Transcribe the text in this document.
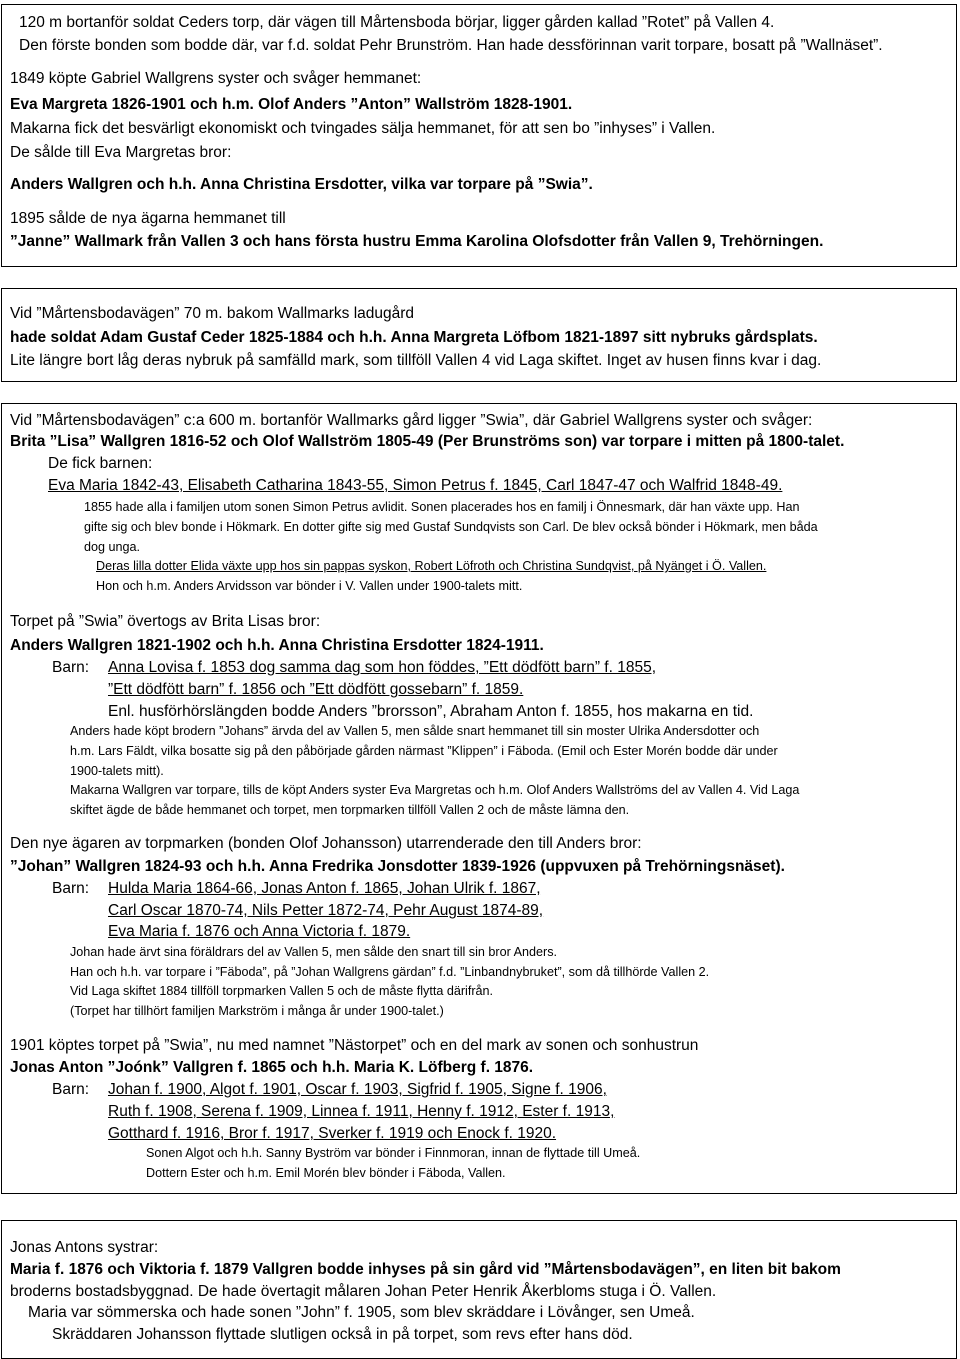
120 m bortanför soldat Ceders torp, där vägen till Mårtensboda börjar, ligger gården kallad ”Rotet” på Vallen 4.
Den förste bonden som bodde där, var f.d. soldat Pehr Brunström. Han hade dessförinnan varit torpare, bosatt på ”Wallnäset”.
1849 köpte Gabriel Wallgrens syster och svåger hemmanet:
Eva Margreta 1826-1901 och h.m. Olof Anders ”Anton” Wallström 1828-1901.
Makarna fick det besvärligt ekonomiskt och tvingades sälja hemmanet, för att sen bo ”inhyses” i Vallen.
De sålde till Eva Margretas bror:
Anders Wallgren och h.h. Anna Christina Ersdotter, vilka var torpare på ”Swia”.
1895 sålde de nya ägarna hemmanet till
”Janne” Wallmark från Vallen 3 och hans första hustru Emma Karolina Olofsdotter från Vallen 9, Trehörningen.
Vid ”Mårtensbodavägen” 70 m. bakom Wallmarks ladugård
hade soldat Adam Gustaf Ceder 1825-1884 och h.h. Anna Margreta Löfbom 1821-1897 sitt nybruks gårdsplats.
Lite längre bort låg deras nybruk på samfälld mark, som tillföll Vallen 4 vid Laga skiftet. Inget av husen finns kvar i dag.
Vid ”Mårtensbodavägen” c:a 600 m. bortanför Wallmarks gård ligger ”Swia”, där Gabriel Wallgrens syster och svåger:
Brita ”Lisa” Wallgren 1816-52 och Olof Wallström 1805-49 (Per Brunströms son) var torpare i mitten på 1800-talet.
De fick barnen:
Eva Maria 1842-43, Elisabeth Catharina 1843-55, Simon Petrus f. 1845, Carl 1847-47 och Walfrid 1848-49.
1855 hade alla i familjen utom sonen Simon Petrus avlidit. Sonen placerades hos en familj i Önnesmark, där han växte upp. Han
gifte sig och blev bonde i Hökmark. En dotter gifte sig med Gustaf Sundqvists son Carl. De blev också bönder i Hökmark, men båda
dog unga.
Deras lilla dotter Elida växte upp hos sin pappas syskon, Robert Löfroth och Christina Sundqvist, på Nyänget i Ö. Vallen.
Hon och h.m. Anders Arvidsson var bönder i V. Vallen under 1900-talets mitt.
Torpet på ”Swia” övertogs av Brita Lisas bror:
Anders Wallgren 1821-1902 och h.h. Anna Christina Ersdotter 1824-1911.
Barn: Anna Lovisa f. 1853 dog samma dag som hon föddes, ”Ett dödfött barn” f. 1855,
”Ett dödfött barn” f. 1856 och ”Ett dödfött gossebarn” f. 1859.
Enl. husförhörslängden bodde Anders ”brorsson”, Abraham Anton f. 1855, hos makarna en tid.
Anders hade köpt brodern ”Johans” ärvda del av Vallen 5, men sålde snart hemmanet till sin moster Ulrika Andersdotter och
h.m. Lars Fäldt, vilka bosatte sig på den påbörjade gården närmast ”Klippen” i Fäboda. (Emil och Ester Morén bodde där under
1900-talets mitt).
Makarna Wallgren var torpare, tills de köpt Anders syster Eva Margretas och h.m. Olof Anders Wallströms del av Vallen 4. Vid Laga
skiftet ägde de både hemmanet och torpet, men torpmarken tillföll Vallen 2 och de måste lämna den.
Den nye ägaren av torpmarken (bonden Olof Johansson) utarrenderade den till Anders bror:
”Johan” Wallgren 1824-93 och h.h. Anna Fredrika Jonsdotter 1839-1926 (uppvuxen på Trehörningsnäset).
Barn: Hulda Maria 1864-66, Jonas Anton f. 1865, Johan Ulrik f. 1867,
Carl Oscar 1870-74, Nils Petter 1872-74, Pehr August 1874-89,
Eva Maria f. 1876 och Anna Victoria f. 1879.
Johan hade ärvt sina föräldrars del av Vallen 5, men sålde den snart till sin bror Anders.
Han och h.h. var torpare i ”Fäboda”, på ”Johan Wallgrens gärdan” f.d. ”Linbandnybruket”, som då tillhörde Vallen 2.
Vid Laga skiftet 1884 tillföll torpmarken Vallen 5 och de måste flytta därifrån.
(Torpet har tillhört familjen Markström i många år under 1900-talet.)
1901 köptes torpet på ”Swia”, nu med namnet ”Nästorpet” och en del mark av sonen och sonhustrun
Jonas Anton ”Joónk” Vallgren f. 1865 och h.h. Maria K. Löfberg f. 1876.
Barn: Johan f. 1900, Algot f. 1901, Oscar f. 1903, Sigfrid f. 1905, Signe f. 1906,
Ruth f. 1908, Serena f. 1909, Linnea f. 1911, Henny f. 1912, Ester f. 1913,
Gotthard f. 1916, Bror f. 1917, Sverker f. 1919 och Enock f. 1920.
Sonen Algot och h.h. Sanny Byström var bönder i Finnmoran, innan de flyttade till Umeå.
Dottern Ester och h.m. Emil Morén blev bönder i Fäboda, Vallen.
Jonas Antons systrar:
Maria f. 1876 och Viktoria f. 1879 Vallgren bodde inhyses på sin gård vid ”Mårtensbodavägen”, en liten bit bakom
broderns bostadsbyggnad. De hade övertagit målaren Johan Peter Henrik Åkerbloms stuga i Ö. Vallen.
Maria var sömmerska och hade sonen ”John” f. 1905, som blev skräddare i Lövånger, sen Umeå.
Skräddaren Johansson flyttade slutligen också in på torpet, som revs efter hans död.
